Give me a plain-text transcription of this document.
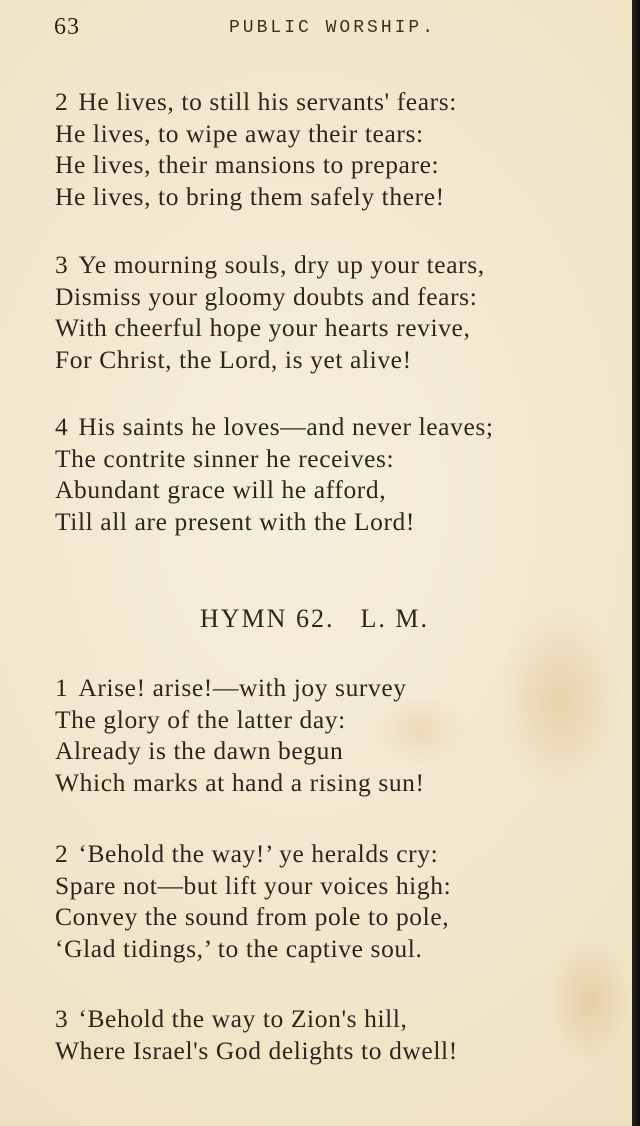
63	PUBLIC WORSHIP.
2 He lives, to still his servants' fears:
He lives, to wipe away their tears:
He lives, their mansions to prepare:
He lives, to bring them safely there!
3 Ye mourning souls, dry up your tears,
Dismiss your gloomy doubts and fears:
With cheerful hope your hearts revive,
For Christ, the Lord, is yet alive!
4 His saints he loves—and never leaves;
The contrite sinner he receives:
Abundant grace will he afford,
Till all are present with the Lord!
HYMN 62. L. M.
1 Arise! arise!—with joy survey
The glory of the latter day:
Already is the dawn begun
Which marks at hand a rising sun!
2 ‘Behold the way!’ ye heralds cry:
Spare not—but lift your voices high:
Convey the sound from pole to pole,
‘Glad tidings,’ to the captive soul.
3 ‘Behold the way to Zion's hill,
Where Israel's God delights to dwell!
